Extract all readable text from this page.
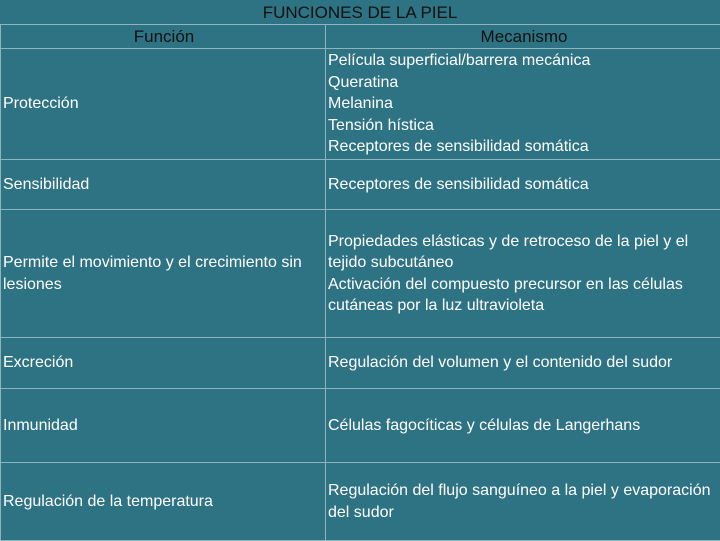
FUNCIONES DE LA PIEL
Función	Mecanismo
Protección	Película superficial/barrera mecánica
Queratina
Melanina
Tensión hística
Receptores de sensibilidad somática

Sensibilidad	Receptores de sensibilidad somática

Permite el movimiento y el crecimiento sin lesiones	Propiedades elásticas y de retroceso de la piel y el tejido subcutáneo
Activación del compuesto precursor en las células cutáneas por la luz ultravioleta

Excreción	Regulación del volumen y el contenido del sudor

Inmunidad	Células fagocíticas y células de Langerhans

Regulación de la temperatura	Regulación del flujo sanguíneo a la piel y evaporación del sudor
